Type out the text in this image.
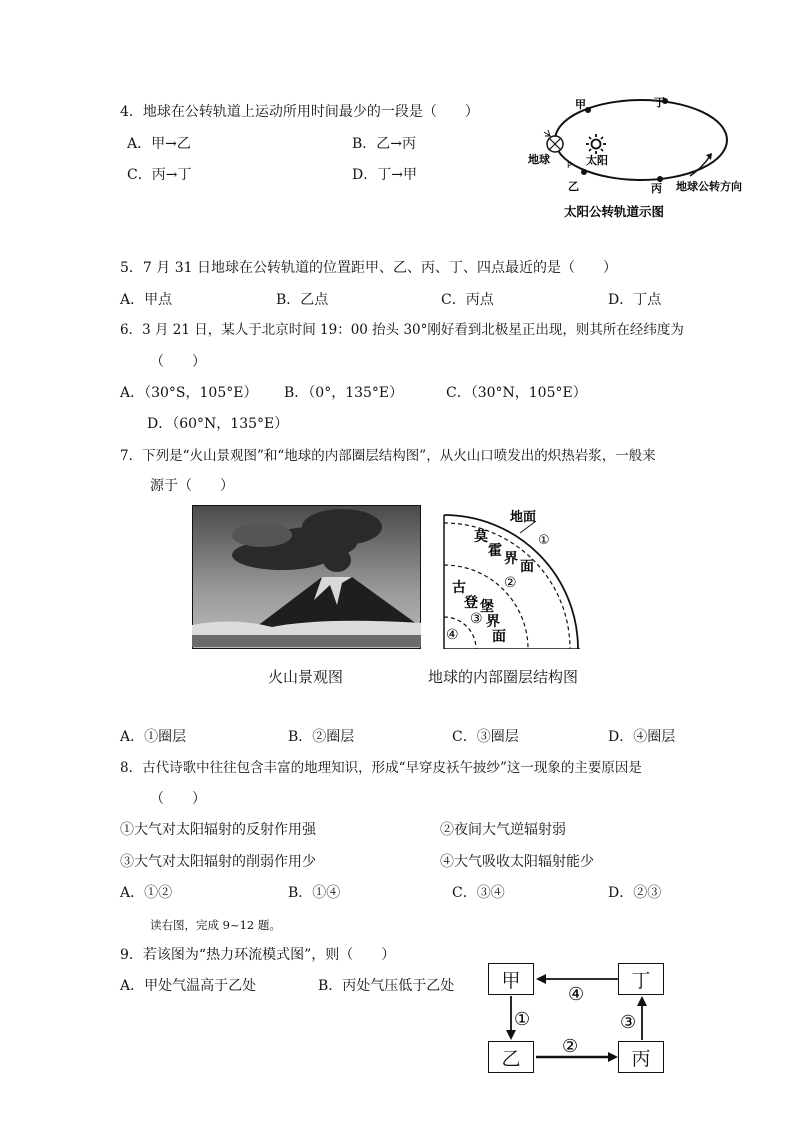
4．地球在公转轨道上运动所用时间最少的一段是（　　）
A．甲→乙	B．乙→丙
C．丙→丁	D．丁→甲
甲	丁
乙	丙
地球 P 太阳
地球公转方向
太阳公转轨道示图
5．7 月 31 日地球在公转轨道的位置距甲、乙、丙、丁、四点最近的是（　　）
A．甲点	B．乙点	C．丙点	D．丁点
6．3 月 21 日，某人于北京时间 19：00 抬头 30°刚好看到北极星正出现，则其所在经纬度为
（　　）
A．（30°S，105°E） B．（0°，135°E）	C．（30°N，105°E）
D．（60°N，135°E）
7．下列是“火山景观图”和“地球的内部圈层结构图”，从火山口喷发出的炽热岩浆，一般来
源于（　　）
地面
①
莫
霍 界 面
②
古
登 堡
③ 界
面
④
火山景观图	地球的内部圈层结构图
A．①圈层	B．②圈层	C．③圈层	D．④圈层
8．古代诗歌中往往包含丰富的地理知识，形成“早穿皮袄午披纱”这一现象的主要原因是
（　　）
①大气对太阳辐射的反射作用强	②夜间大气逆辐射弱
③大气对太阳辐射的削弱作用少	④大气吸收太阳辐射能少
A．①②	B．①④	C．③④	D．②③
读右图，完成 9~12 题。
9．若该图为“热力环流模式图”，则（　　）
A．甲处气温高于乙处	B．丙处气压低于乙处	甲	丁
乙	丙
④
①
②
③
